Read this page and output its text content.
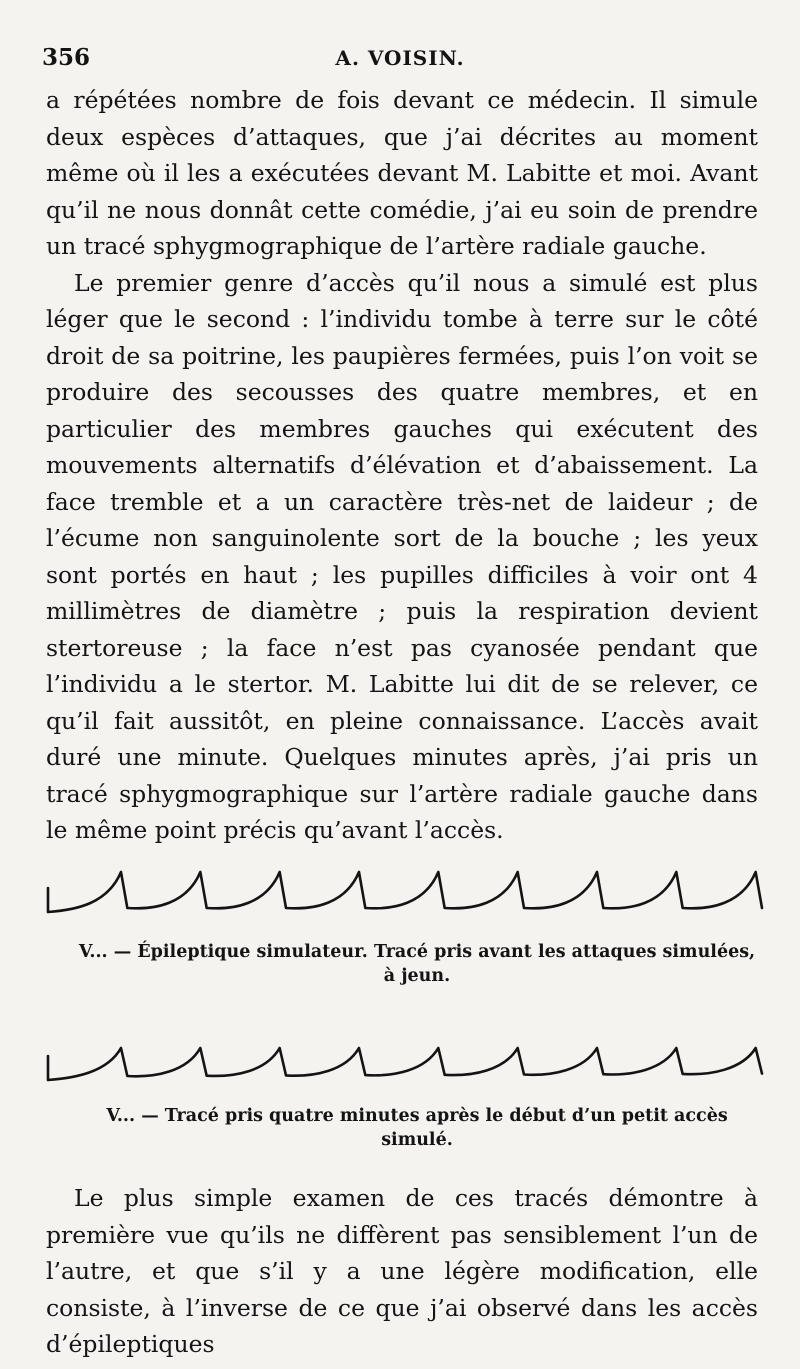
356	A. VOISIN.

a répétées nombre de fois devant ce médecin. Il simule deux espèces d’attaques, que j’ai décrites au moment même où il les a exécutées devant M. Labitte et moi. Avant qu’il ne nous donnât cette comédie, j’ai eu soin de prendre un tracé sphygmographique de l’artère radiale gauche.

Le premier genre d’accès qu’il nous a simulé est plus léger que le second : l’individu tombe à terre sur le côté droit de sa poitrine, les paupières fermées, puis l’on voit se produire des secousses des quatre membres, et en particulier des membres gauches qui exécutent des mouvements alternatifs d’élévation et d’abaissement. La face tremble et a un caractère très-net de laideur ; de l’écume non sanguinolente sort de la bouche ; les yeux sont portés en haut ; les pupilles difficiles à voir ont 4 millimètres de diamètre ; puis la respiration devient stertoreuse ; la face n’est pas cyanosée pendant que l’individu a le stertor. M. Labitte lui dit de se relever, ce qu’il fait aussitôt, en pleine connaissance. L’accès avait duré une minute. Quelques minutes après, j’ai pris un tracé sphygmographique sur l’artère radiale gauche dans le même point précis qu’avant l’accès.

V... — Épileptique simulateur. Tracé pris avant les attaques simulées, à jeun.
V... — Tracé pris quatre minutes après le début d’un petit accès simulé.

Le plus simple examen de ces tracés démontre à première vue qu’ils ne diffèrent pas sensiblement l’un de l’autre, et que s’il y a une légère modification, elle consiste, à l’inverse de ce que j’ai observé dans les accès d’épileptiques
